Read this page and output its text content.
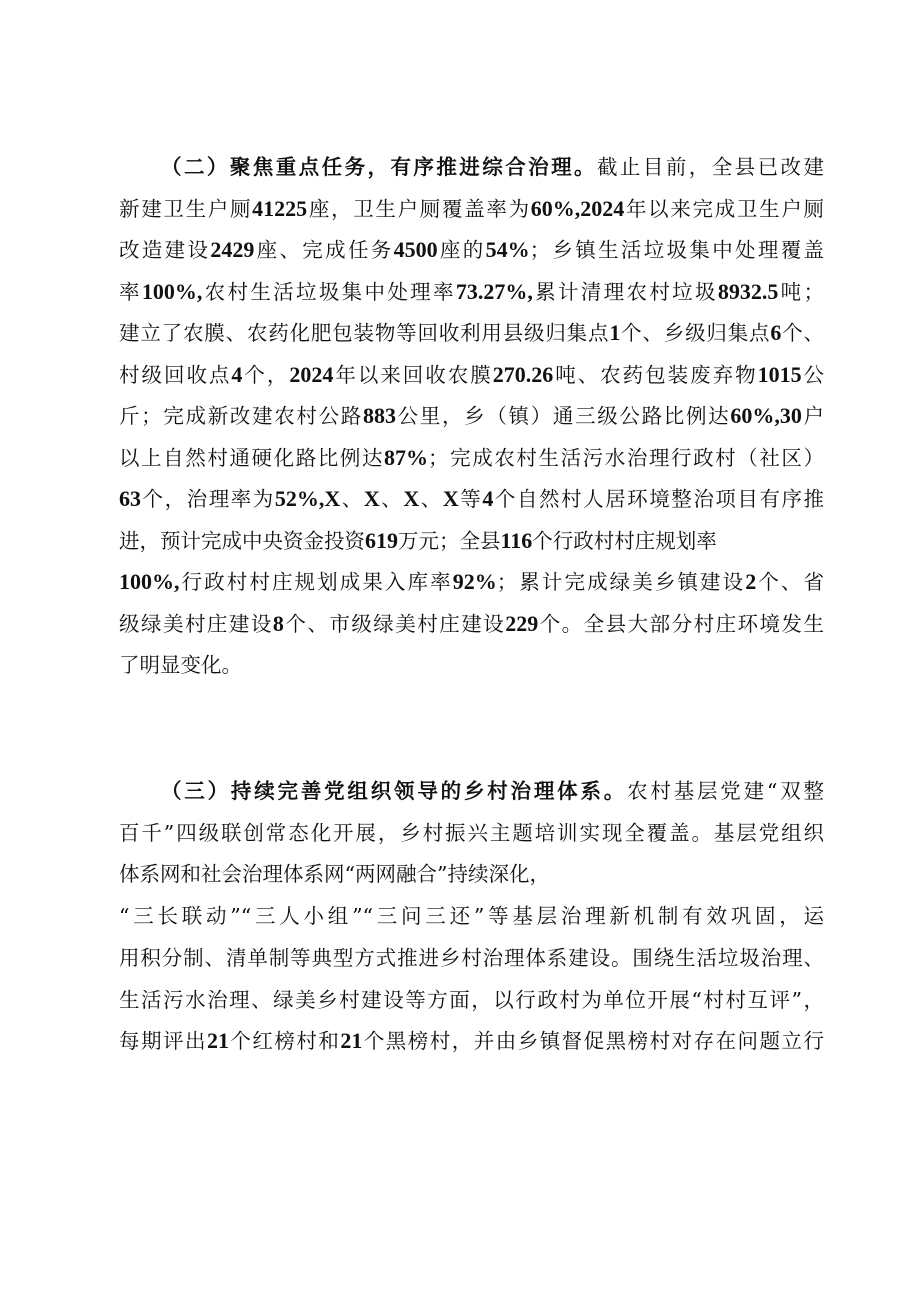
（二）聚焦重点任务，有序推进综合治理。截止目前，全县已改建
新建卫生户厕41225座，卫生户厕覆盖率为60%,2024年以来完成卫生户厕
改造建设2429座、完成任务4500座的54%；乡镇生活垃圾集中处理覆盖
率100%,农村生活垃圾集中处理率73.27%,累计清理农村垃圾8932.5吨；
建立了农膜、农药化肥包装物等回收利用县级归集点1个、乡级归集点6个、
村级回收点4个，2024年以来回收农膜270.26吨、农药包装废弃物1015公
斤；完成新改建农村公路883公里，乡（镇）通三级公路比例达60%,30户
以上自然村通硬化路比例达87%；完成农村生活污水治理行政村（社区）
63个，治理率为52%,X、X、X、X等4个自然村人居环境整治项目有序推
进，预计完成中央资金投资619万元；全县116个行政村村庄规划率
100%,行政村村庄规划成果入库率92%；累计完成绿美乡镇建设2个、省
级绿美村庄建设8个、市级绿美村庄建设229个。全县大部分村庄环境发生
了明显变化。
（三）持续完善党组织领导的乡村治理体系。农村基层党建“双整
百千”四级联创常态化开展，乡村振兴主题培训实现全覆盖。基层党组织
体系网和社会治理体系网“两网融合”持续深化，
“三长联动”“三人小组”“三问三还”等基层治理新机制有效巩固，运
用积分制、清单制等典型方式推进乡村治理体系建设。围绕生活垃圾治理、
生活污水治理、绿美乡村建设等方面，以行政村为单位开展“村村互评”，
每期评出21个红榜村和21个黑榜村，并由乡镇督促黑榜村对存在问题立行
